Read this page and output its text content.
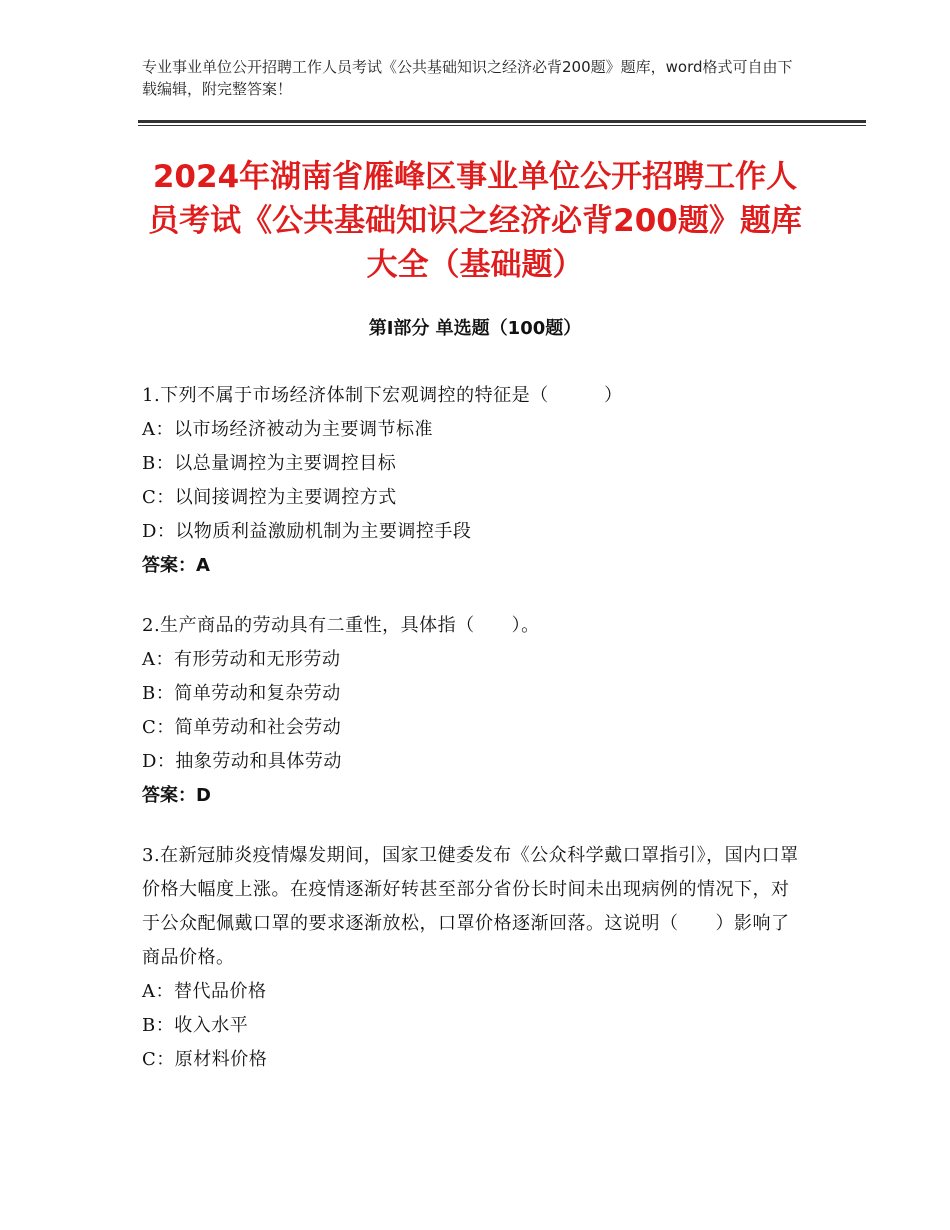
专业事业单位公开招聘工作人员考试《公共基础知识之经济必背200题》题库，word格式可自由下载编辑，附完整答案！
2024年湖南省雁峰区事业单位公开招聘工作人员考试《公共基础知识之经济必背200题》题库大全（基础题）
第Ⅰ部分 单选题（100题）
1.下列不属于市场经济体制下宏观调控的特征是（　　　）
A：以市场经济被动为主要调节标准
B：以总量调控为主要调控目标
C：以间接调控为主要调控方式
D：以物质利益激励机制为主要调控手段
答案：A
2.生产商品的劳动具有二重性，具体指（　　）。
A：有形劳动和无形劳动
B：简单劳动和复杂劳动
C：简单劳动和社会劳动
D：抽象劳动和具体劳动
答案：D
3.在新冠肺炎疫情爆发期间，国家卫健委发布《公众科学戴口罩指引》，国内口罩价格大幅度上涨。在疫情逐渐好转甚至部分省份长时间未出现病例的情况下，对于公众配佩戴口罩的要求逐渐放松，口罩价格逐渐回落。这说明（　　）影响了商品价格。
A：替代品价格
B：收入水平
C：原材料价格
